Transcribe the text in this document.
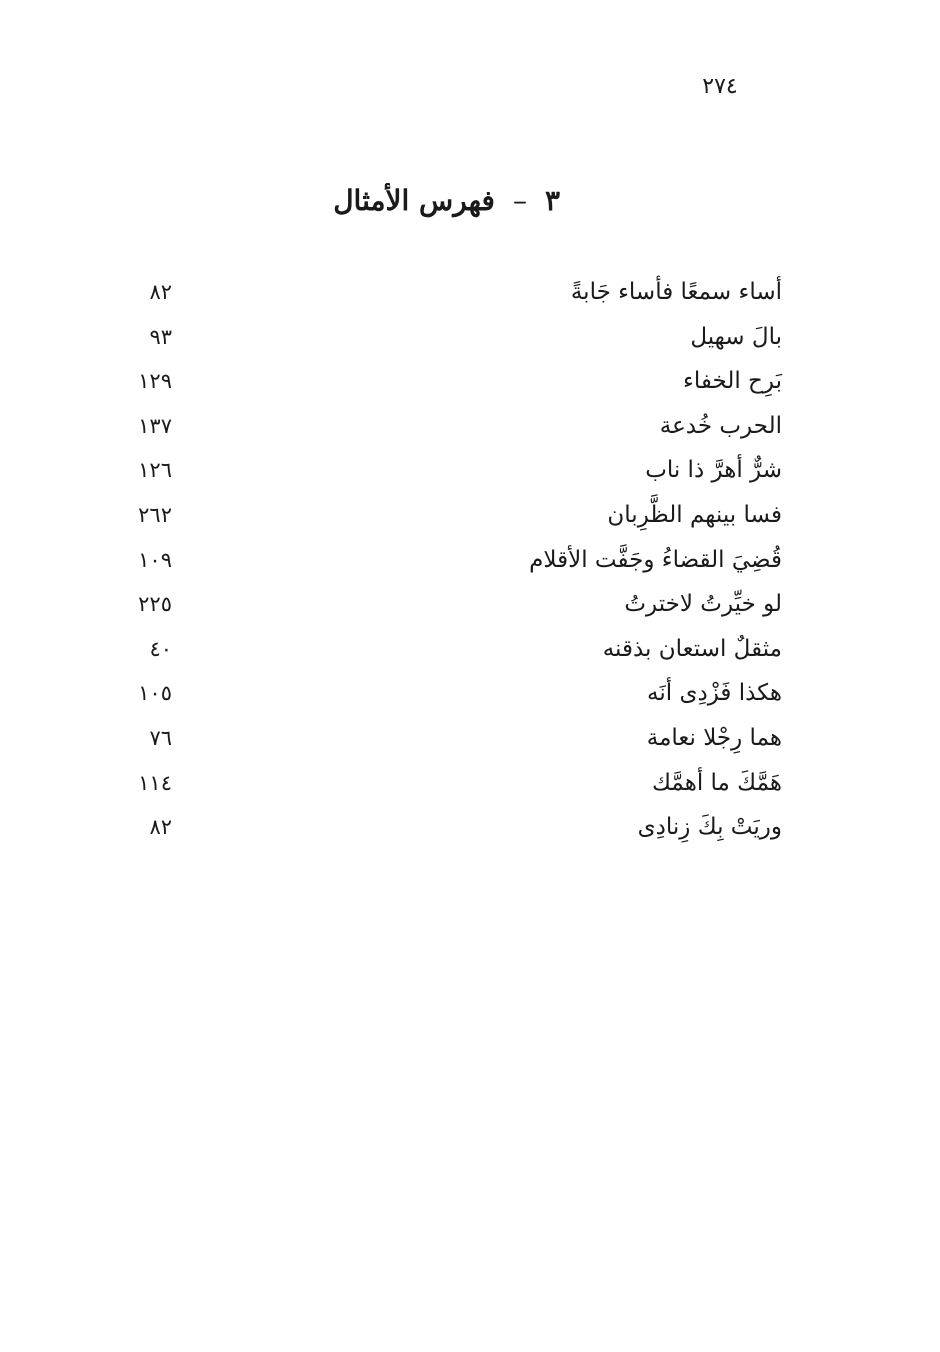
٢٧٤
٣–فهرس الأمثال
أساء سمعًا فأساء جَابةً
٨٢
بالَ سهيل
٩٣
بَرِح الخفاء
١٢٩
الحرب خُدعة
١٣٧
شرٌّ أهرَّ ذا ناب
١٢٦
فسا بينهم الظَّرِبان
٢٦٢
قُضِيَ القضاءُ وجَفَّت الأقلام
١٠٩
لو خيِّرتُ لاخترتُ
٢٢٥
مثقلٌ استعان بذقنه
٤٠
هكذا فَزْدِى أنَه
١٠٥
هما رِجْلا نعامة
٧٦
هَمَّكَ ما أهمَّك
١١٤
وريَتْ بِكَ زِنادِى
٨٢
